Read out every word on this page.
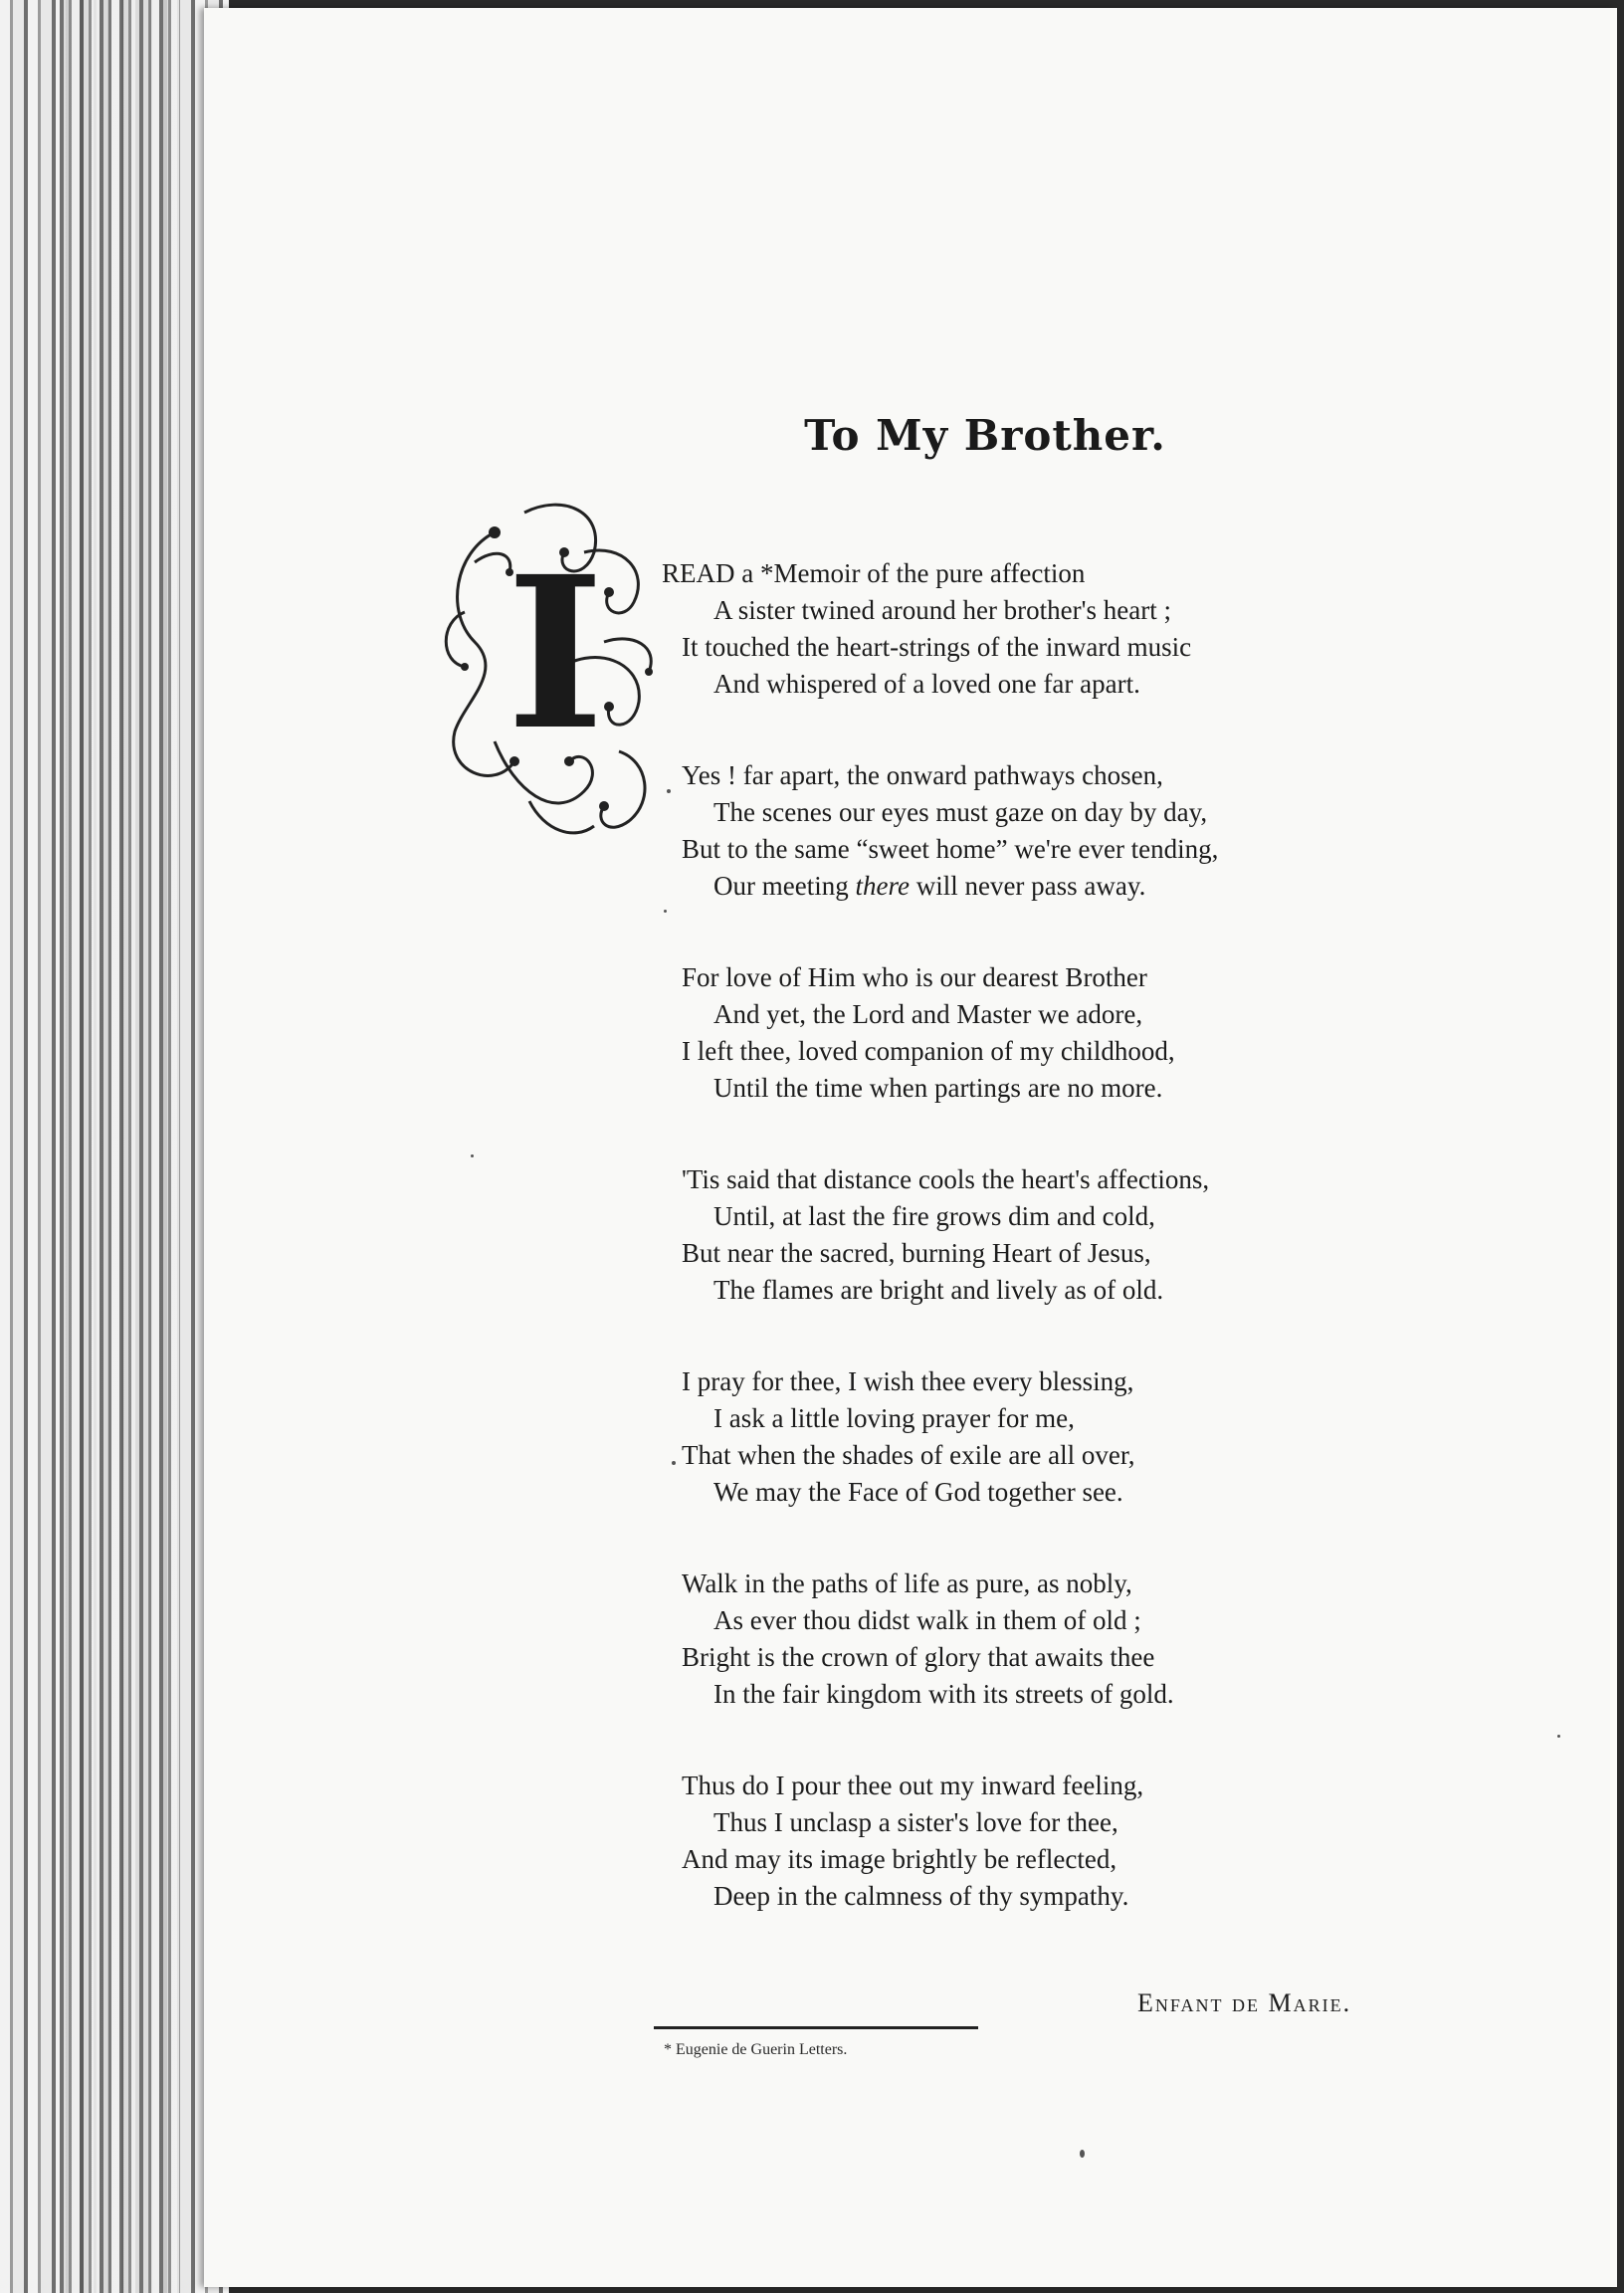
To My Brother.
I READ a *Memoir of the pure affection
A sister twined around her brother's heart ;
It touched the heart-strings of the inward music
And whispered of a loved one far apart.
Yes ! far apart, the onward pathways chosen,
The scenes our eyes must gaze on day by day,
But to the same “sweet home” we're ever tending,
Our meeting there will never pass away.
For love of Him who is our dearest Brother
And yet, the Lord and Master we adore,
I left thee, loved companion of my childhood,
Until the time when partings are no more.
'Tis said that distance cools the heart's affections,
Until, at last the fire grows dim and cold,
But near the sacred, burning Heart of Jesus,
The flames are bright and lively as of old.
I pray for thee, I wish thee every blessing,
I ask a little loving prayer for me,
That when the shades of exile are all over,
We may the Face of God together see.
Walk in the paths of life as pure, as nobly,
As ever thou didst walk in them of old ;
Bright is the crown of glory that awaits thee
In the fair kingdom with its streets of gold.
Thus do I pour thee out my inward feeling,
Thus I unclasp a sister's love for thee,
And may its image brightly be reflected,
Deep in the calmness of thy sympathy.
Enfant de Marie.
* Eugenie de Guerin Letters.
